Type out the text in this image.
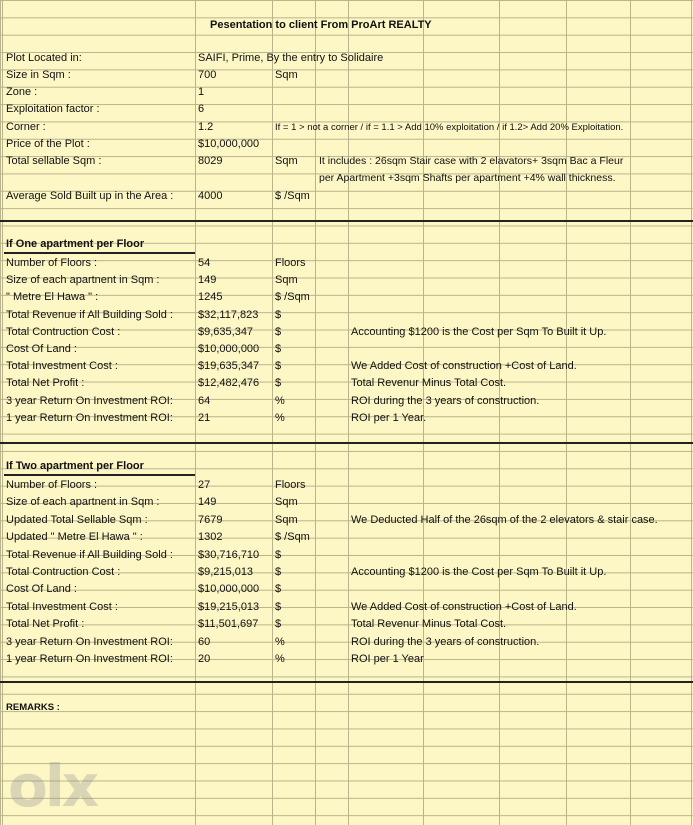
Pesentation to client From ProArt REALTY
Plot Located in:	SAIFI, Prime, By the entry to Solidaire
Size in Sqm :	700	Sqm
Zone :	1
Exploitation factor :	6
Corner :	1.2	If = 1 > not a corner / if = 1.1 > Add 10% exploitation / if 1.2> Add 20% Exploitation.
Price of the Plot :	$10,000,000
Total sellable Sqm :	8029	Sqm It includes : 26sqm Stair case with 2 elavators+ 3sqm Bac a Fleur
per Apartment +3sqm Shafts per apartment +4% wall thickness.
Average Sold Built up in the Area : 4000	$ /Sqm
If One apartment per Floor
Number of Floors :	54	Floors
Size of each apartnent in Sqm :	149	Sqm
" Metre El Hawa " :	1245	$ /Sqm
Total Revenue if All Building Sold : $32,117,823 $
Total Contruction Cost :	$9,635,347 $	Accounting $1200 is the Cost per Sqm To Built it Up.
Cost Of Land :	$10,000,000 $
Total Investment Cost :	$19,635,347 $	We Added Cost of construction +Cost of Land.
Total Net Profit :	$12,482,476 $	Total Revenur Minus Total Cost.
3 year Return On Investment ROI: 64	%	ROI during the 3 years of construction.
1 year Return On Investment ROI: 21	%	ROI per 1 Year.
If Two apartment per Floor
Number of Floors :	27	Floors
Size of each apartnent in Sqm :	149	Sqm
Updated Total Sellable Sqm :	7679	Sqm	We Deducted Half of the 26sqm of the 2 elevators & stair case.
Updated " Metre El Hawa " :	1302	$ /Sqm
Total Revenue if All Building Sold : $30,716,710 $
Total Contruction Cost :	$9,215,013 $	Accounting $1200 is the Cost per Sqm To Built it Up.
Cost Of Land :	$10,000,000 $
Total Investment Cost :	$19,215,013 $	We Added Cost of construction +Cost of Land.
Total Net Profit :	$11,501,697 $	Total Revenur Minus Total Cost.
3 year Return On Investment ROI: 60	%	ROI during the 3 years of construction.
1 year Return On Investment ROI: 20	%	ROI per 1 Year
REMARKS :
olx
